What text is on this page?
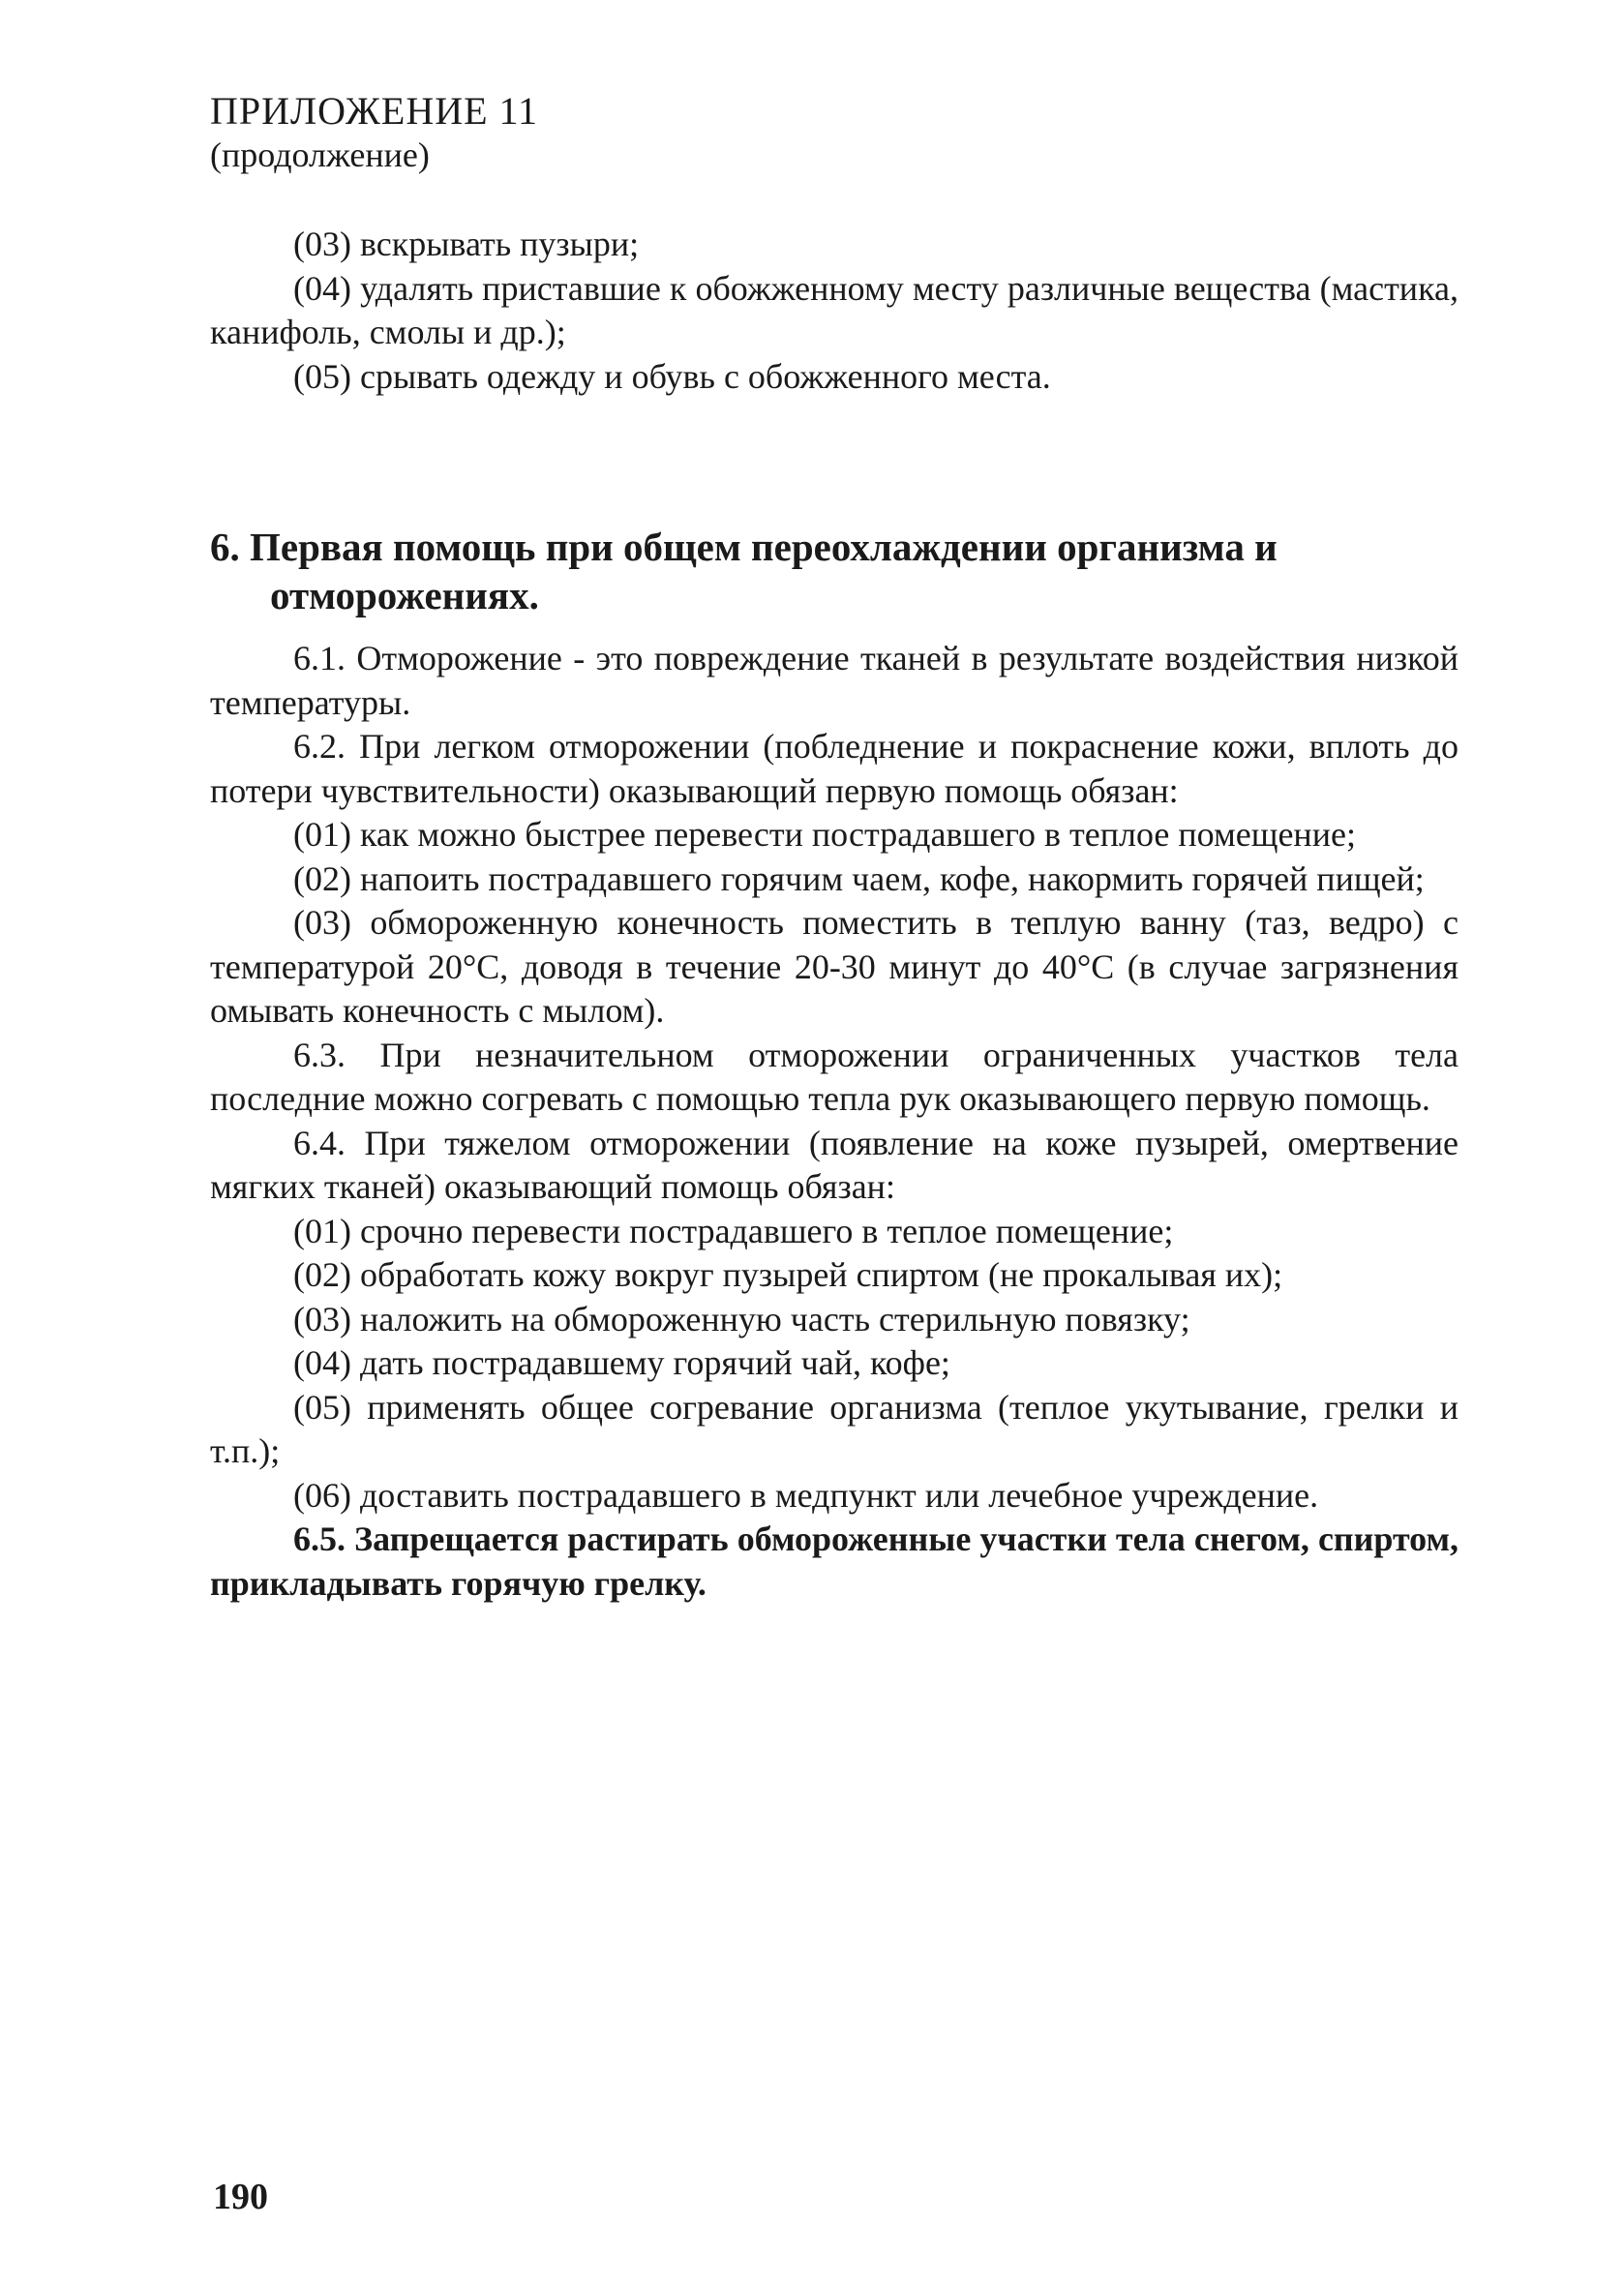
ПРИЛОЖЕНИЕ 11

(продолжение)

(03) вскрывать пузыри;

(04) удалять приставшие к обожженному месту различные вещества (мастика, канифоль, смолы и др.);

(05) срывать одежду и обувь с обожженного места.

6. Первая помощь при общем переохлаждении организма и отморожениях.

6.1. Отморожение - это повреждение тканей в результате воздействия низкой температуры.

6.2. При легком отморожении (побледнение и покраснение кожи, вплоть до потери чувствительности) оказывающий первую помощь обязан:

(01) как можно быстрее перевести пострадавшего в теплое помещение;

(02) напоить пострадавшего горячим чаем, кофе, накормить горячей пищей;

(03) обмороженную конечность поместить в теплую ванну (таз, ведро) с температурой 20°С, доводя в течение 20-30 минут до 40°С (в случае загрязнения омывать конечность с мылом).

6.3. При незначительном отморожении ограниченных участков тела последние можно согревать с помощью тепла рук оказывающего первую помощь.

6.4. При тяжелом отморожении (появление на коже пузырей, омертвение мягких тканей) оказывающий помощь обязан:

(01) срочно перевести пострадавшего в теплое помещение;

(02) обработать кожу вокруг пузырей спиртом (не прокалывая их);

(03) наложить на обмороженную часть стерильную повязку;

(04) дать пострадавшему горячий чай, кофе;

(05) применять общее согревание организма (теплое укутывание, грелки и т.п.);

(06) доставить пострадавшего в медпункт или лечебное учреждение.

6.5. Запрещается растирать обмороженные участки тела снегом, спиртом, прикладывать горячую грелку.

190
